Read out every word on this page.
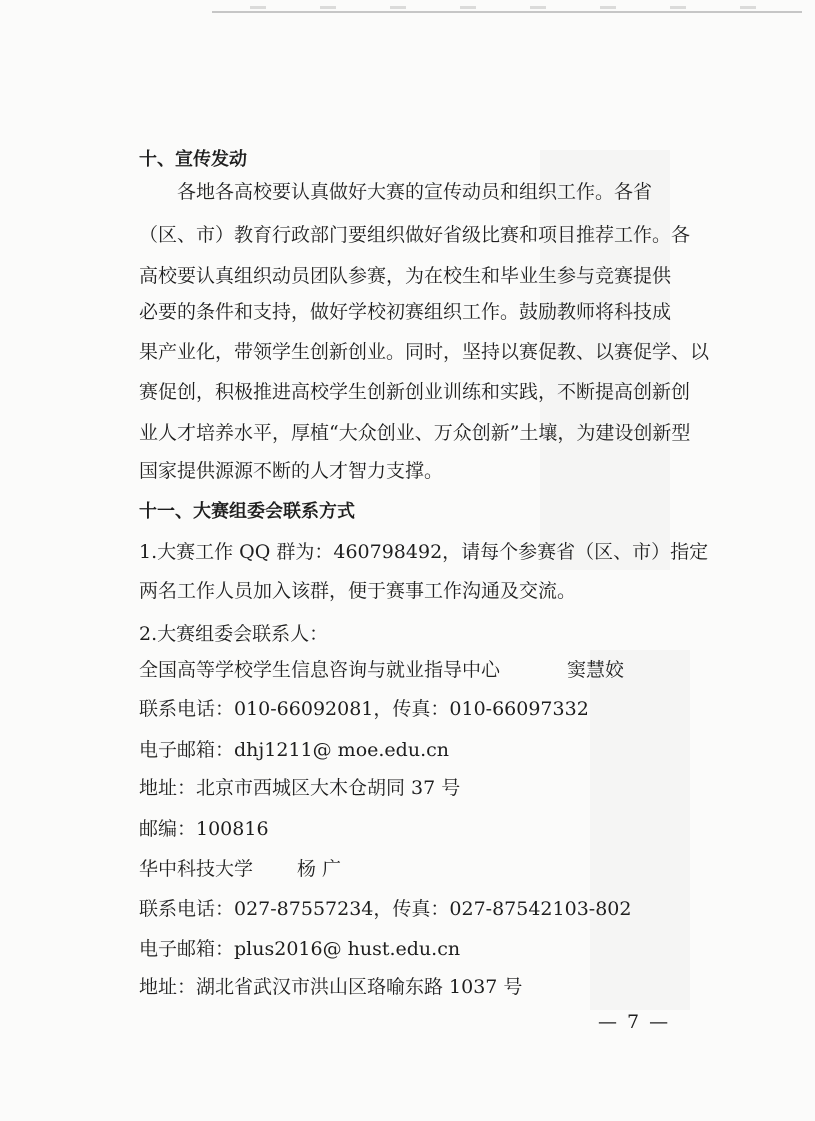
十、宣传发动
各地各高校要认真做好大赛的宣传动员和组织工作。各省
（区、市）教育行政部门要组织做好省级比赛和项目推荐工作。各
高校要认真组织动员团队参赛，为在校生和毕业生参与竞赛提供
必要的条件和支持，做好学校初赛组织工作。鼓励教师将科技成
果产业化，带领学生创新创业。同时，坚持以赛促教、以赛促学、以
赛促创，积极推进高校学生创新创业训练和实践，不断提高创新创
业人才培养水平，厚植“大众创业、万众创新”土壤，为建设创新型
国家提供源源不断的人才智力支撑。
十一、大赛组委会联系方式
1.大赛工作 QQ 群为：460798492，请每个参赛省（区、市）指定
两名工作人员加入该群，便于赛事工作沟通及交流。
2.大赛组委会联系人：
全国高等学校学生信息咨询与就业指导中心	窦慧姣
联系电话：010-66092081，传真：010-66097332
电子邮箱：dhj1211@ moe.edu.cn
地址：北京市西城区大木仓胡同 37 号
邮编：100816
华中科技大学 杨 广
联系电话：027-87557234，传真：027-87542103-802
电子邮箱：plus2016@ hust.edu.cn
地址：湖北省武汉市洪山区珞喻东路 1037 号
— 7 —
